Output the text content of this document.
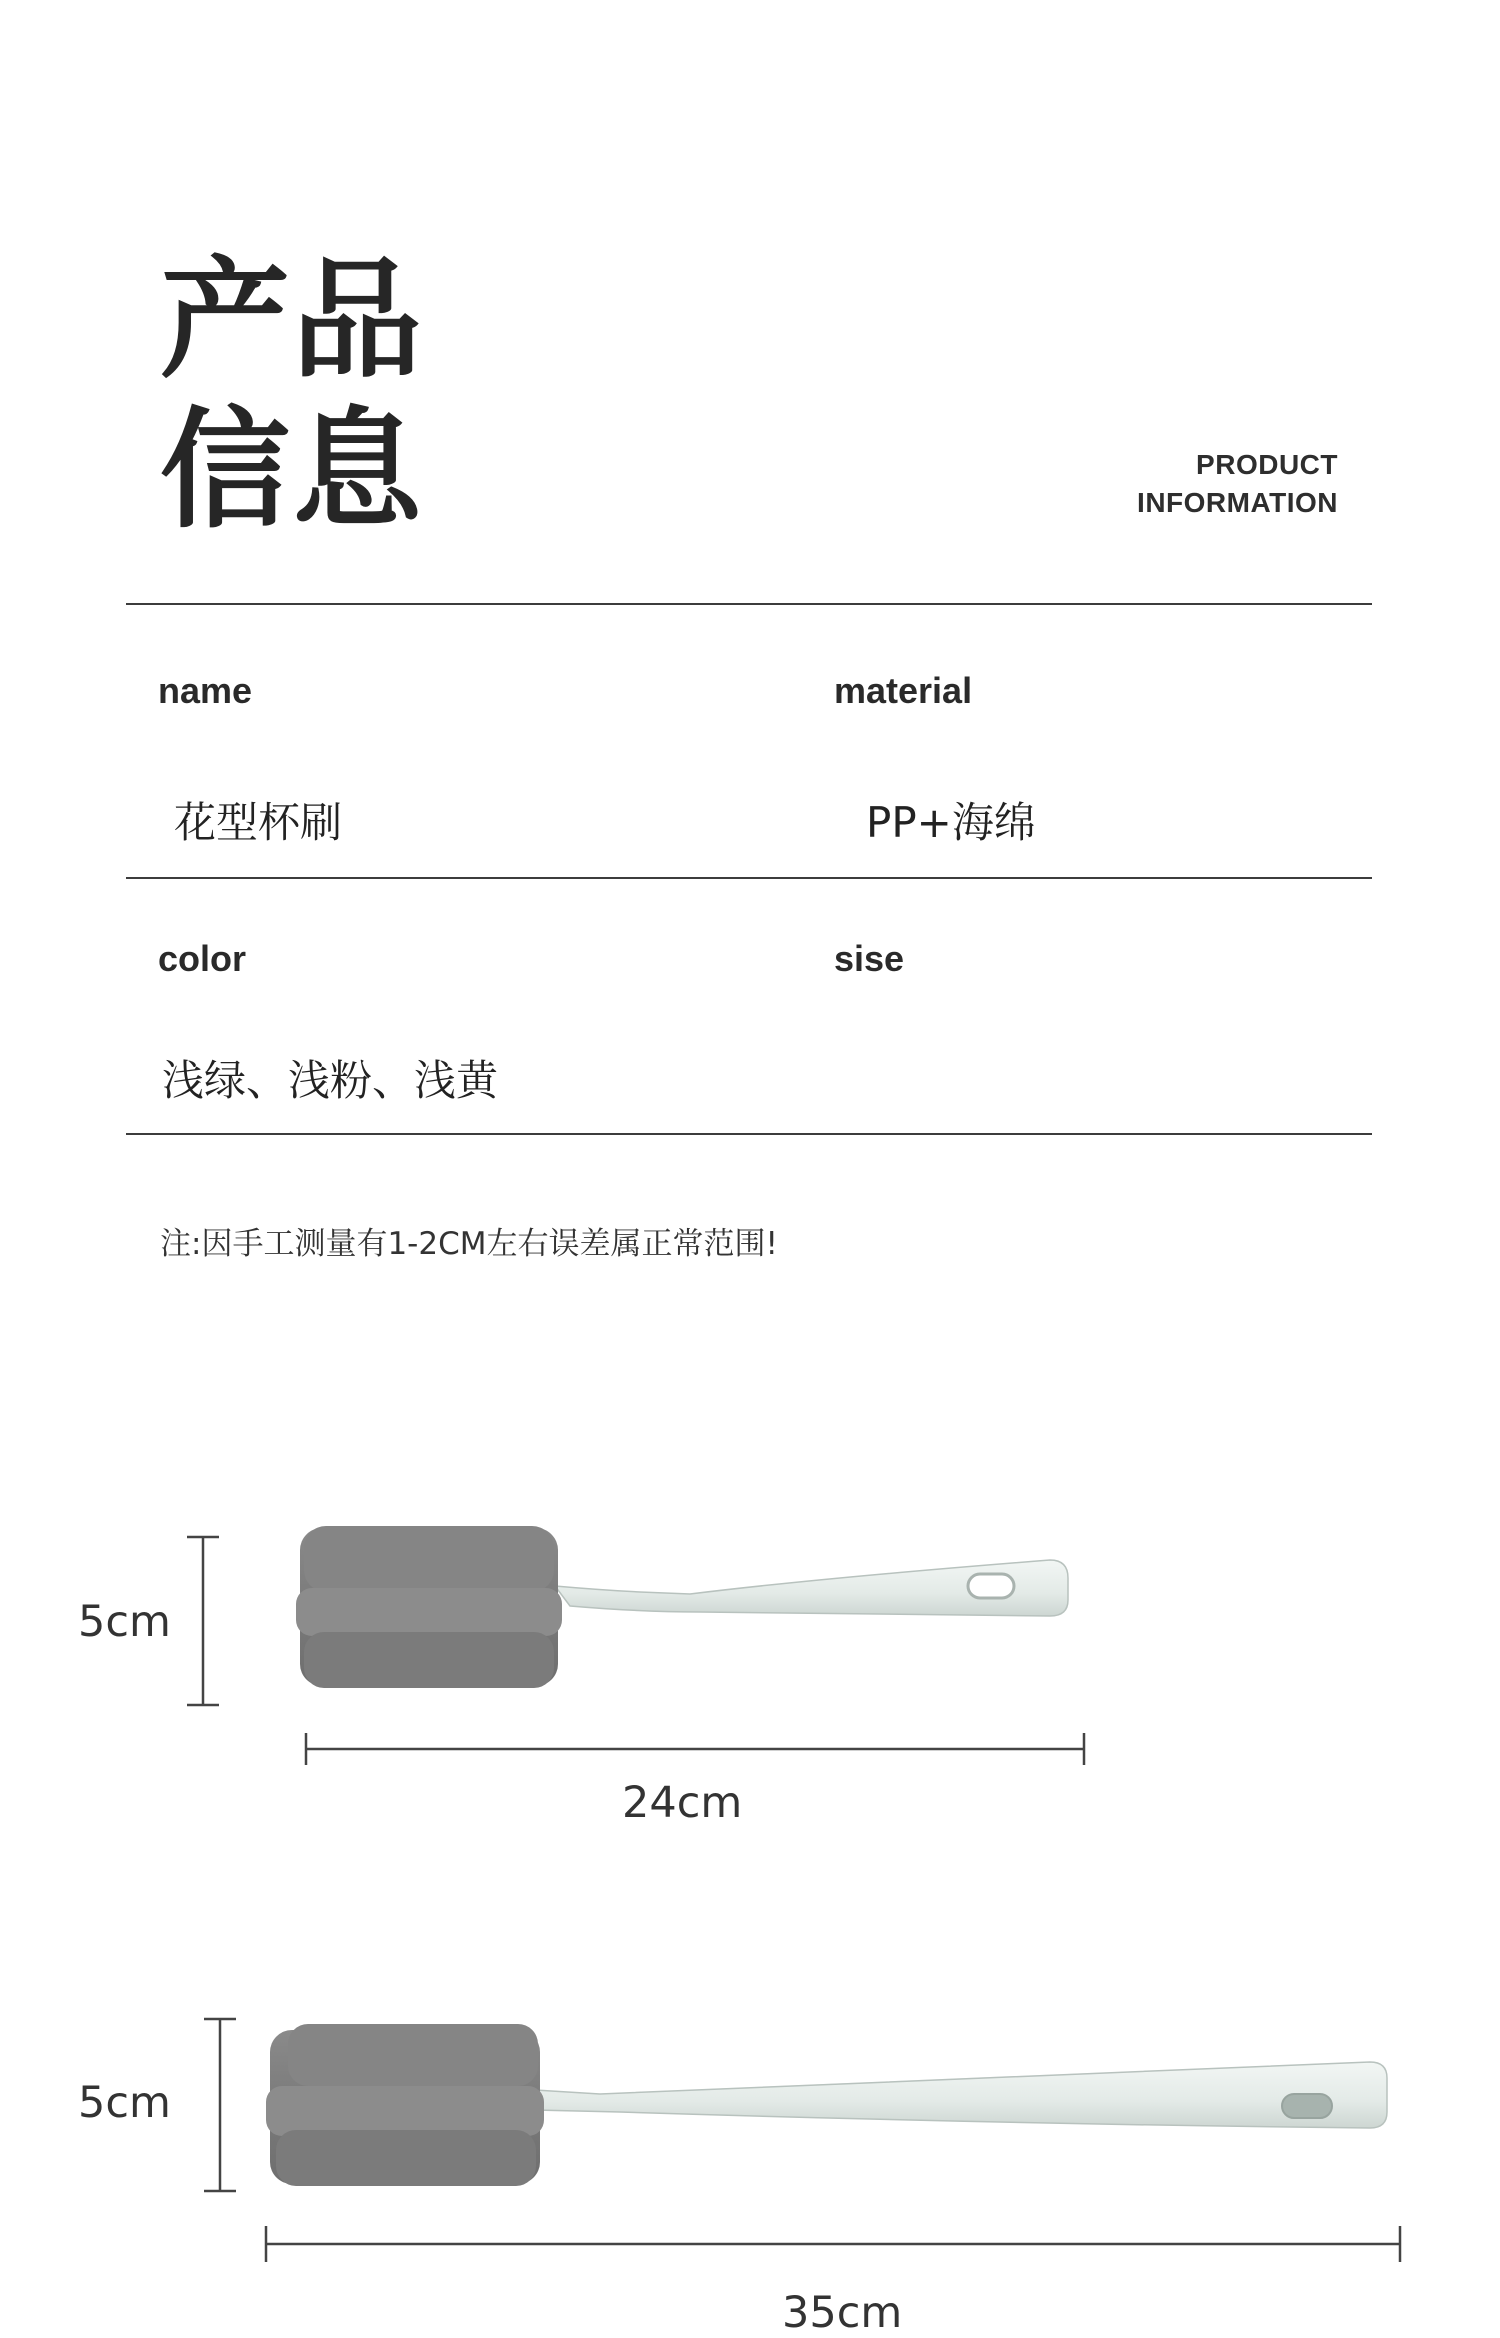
产品
信息	PRODUCT
INFORMATION
name
花型杯刷
material
PP+海绵
color
浅绿、浅粉、浅黄
sise
注:因手工测量有1-2CM左右误差属正常范围!
5cm
24cm
5cm
35cm
